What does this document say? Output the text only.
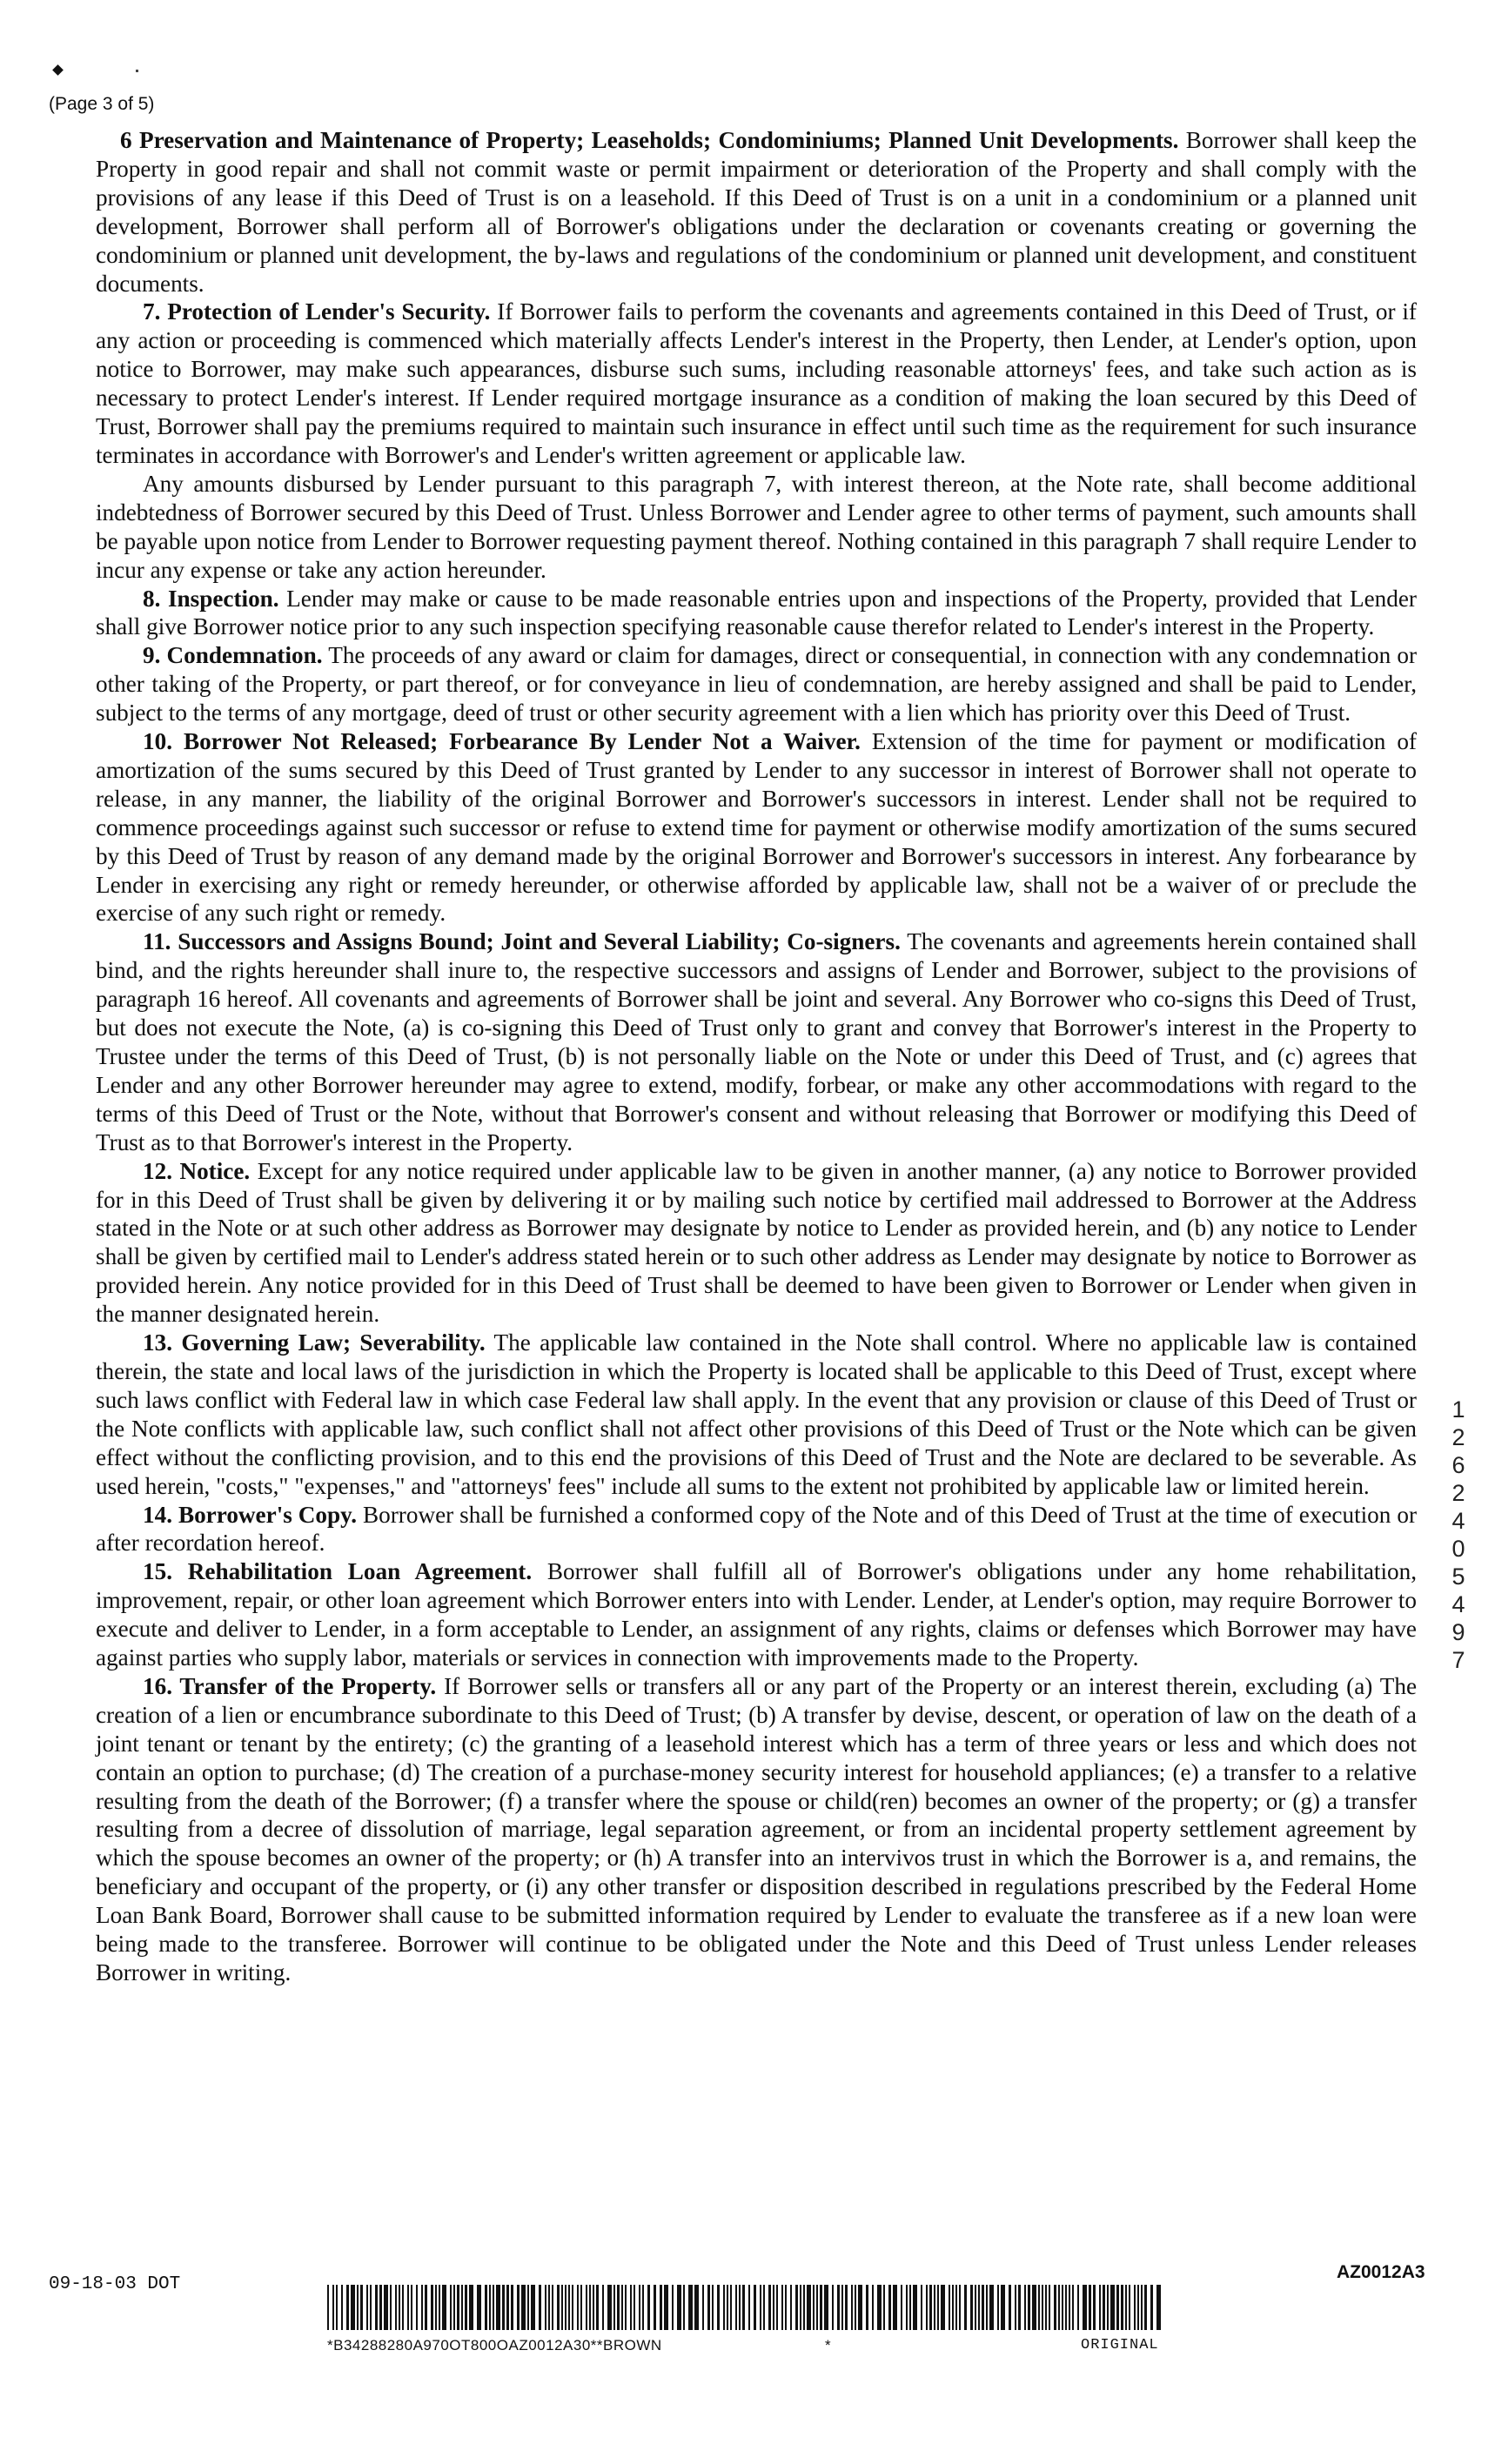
(Page 3 of 5)

6 Preservation and Maintenance of Property; Leaseholds; Condominiums; Planned Unit Developments. Borrower shall keep the Property in good repair and shall not commit waste or permit impairment or deterioration of the Property and shall comply with the provisions of any lease if this Deed of Trust is on a leasehold. If this Deed of Trust is on a unit in a condominium or a planned unit development, Borrower shall perform all of Borrower's obligations under the declaration or covenants creating or governing the condominium or planned unit development, the by-laws and regulations of the condominium or planned unit development, and constituent documents.

7. Protection of Lender's Security. If Borrower fails to perform the covenants and agreements contained in this Deed of Trust, or if any action or proceeding is commenced which materially affects Lender's interest in the Property, then Lender, at Lender's option, upon notice to Borrower, may make such appearances, disburse such sums, including reasonable attorneys' fees, and take such action as is necessary to protect Lender's interest. If Lender required mortgage insurance as a condition of making the loan secured by this Deed of Trust, Borrower shall pay the premiums required to maintain such insurance in effect until such time as the requirement for such insurance terminates in accordance with Borrower's and Lender's written agreement or applicable law.

Any amounts disbursed by Lender pursuant to this paragraph 7, with interest thereon, at the Note rate, shall become additional indebtedness of Borrower secured by this Deed of Trust. Unless Borrower and Lender agree to other terms of payment, such amounts shall be payable upon notice from Lender to Borrower requesting payment thereof. Nothing contained in this paragraph 7 shall require Lender to incur any expense or take any action hereunder.

8. Inspection. Lender may make or cause to be made reasonable entries upon and inspections of the Property, provided that Lender shall give Borrower notice prior to any such inspection specifying reasonable cause therefor related to Lender's interest in the Property.

9. Condemnation. The proceeds of any award or claim for damages, direct or consequential, in connection with any condemnation or other taking of the Property, or part thereof, or for conveyance in lieu of condemnation, are hereby assigned and shall be paid to Lender, subject to the terms of any mortgage, deed of trust or other security agreement with a lien which has priority over this Deed of Trust.

10. Borrower Not Released; Forbearance By Lender Not a Waiver. Extension of the time for payment or modification of amortization of the sums secured by this Deed of Trust granted by Lender to any successor in interest of Borrower shall not operate to release, in any manner, the liability of the original Borrower and Borrower's successors in interest. Lender shall not be required to commence proceedings against such successor or refuse to extend time for payment or otherwise modify amortization of the sums secured by this Deed of Trust by reason of any demand made by the original Borrower and Borrower's successors in interest. Any forbearance by Lender in exercising any right or remedy hereunder, or otherwise afforded by applicable law, shall not be a waiver of or preclude the exercise of any such right or remedy.

11. Successors and Assigns Bound; Joint and Several Liability; Co-signers. The covenants and agreements herein contained shall bind, and the rights hereunder shall inure to, the respective successors and assigns of Lender and Borrower, subject to the provisions of paragraph 16 hereof. All covenants and agreements of Borrower shall be joint and several. Any Borrower who co-signs this Deed of Trust, but does not execute the Note, (a) is co-signing this Deed of Trust only to grant and convey that Borrower's interest in the Property to Trustee under the terms of this Deed of Trust, (b) is not personally liable on the Note or under this Deed of Trust, and (c) agrees that Lender and any other Borrower hereunder may agree to extend, modify, forbear, or make any other accommodations with regard to the terms of this Deed of Trust or the Note, without that Borrower's consent and without releasing that Borrower or modifying this Deed of Trust as to that Borrower's interest in the Property.

12. Notice. Except for any notice required under applicable law to be given in another manner, (a) any notice to Borrower provided for in this Deed of Trust shall be given by delivering it or by mailing such notice by certified mail addressed to Borrower at the Address stated in the Note or at such other address as Borrower may designate by notice to Lender as provided herein, and (b) any notice to Lender shall be given by certified mail to Lender's address stated herein or to such other address as Lender may designate by notice to Borrower as provided herein. Any notice provided for in this Deed of Trust shall be deemed to have been given to Borrower or Lender when given in the manner designated herein.

13. Governing Law; Severability. The applicable law contained in the Note shall control. Where no applicable law is contained therein, the state and local laws of the jurisdiction in which the Property is located shall be applicable to this Deed of Trust, except where such laws conflict with Federal law in which case Federal law shall apply. In the event that any provision or clause of this Deed of Trust or the Note conflicts with applicable law, such conflict shall not affect other provisions of this Deed of Trust or the Note which can be given effect without the conflicting provision, and to this end the provisions of this Deed of Trust and the Note are declared to be severable. As used herein, "costs," "expenses," and "attorneys' fees" include all sums to the extent not prohibited by applicable law or limited herein.

14. Borrower's Copy. Borrower shall be furnished a conformed copy of the Note and of this Deed of Trust at the time of execution or after recordation hereof.

15. Rehabilitation Loan Agreement. Borrower shall fulfill all of Borrower's obligations under any home rehabilitation, improvement, repair, or other loan agreement which Borrower enters into with Lender. Lender, at Lender's option, may require Borrower to execute and deliver to Lender, in a form acceptable to Lender, an assignment of any rights, claims or defenses which Borrower may have against parties who supply labor, materials or services in connection with improvements made to the Property.

16. Transfer of the Property. If Borrower sells or transfers all or any part of the Property or an interest therein, excluding (a) The creation of a lien or encumbrance subordinate to this Deed of Trust; (b) A transfer by devise, descent, or operation of law on the death of a joint tenant or tenant by the entirety; (c) the granting of a leasehold interest which has a term of three years or less and which does not contain an option to purchase; (d) The creation of a purchase-money security interest for household appliances; (e) a transfer to a relative resulting from the death of the Borrower; (f) a transfer where the spouse or child(ren) becomes an owner of the property; or (g) a transfer resulting from a decree of dissolution of marriage, legal separation agreement, or from an incidental property settlement agreement by which the spouse becomes an owner of the property; or (h) A transfer into an intervivos trust in which the Borrower is a, and remains, the beneficiary and occupant of the property, or (i) any other transfer or disposition described in regulations prescribed by the Federal Home Loan Bank Board, Borrower shall cause to be submitted information required by Lender to evaluate the transferee as if a new loan were being made to the transferee. Borrower will continue to be obligated under the Note and this Deed of Trust unless Lender releases Borrower in writing.

1
2
6
2
4
0
5
4
9
7
09-18-03 DOT
AZ0012A3
*B34288280A970OT800OAZ0012A30**BROWN	*	ORIGINAL
